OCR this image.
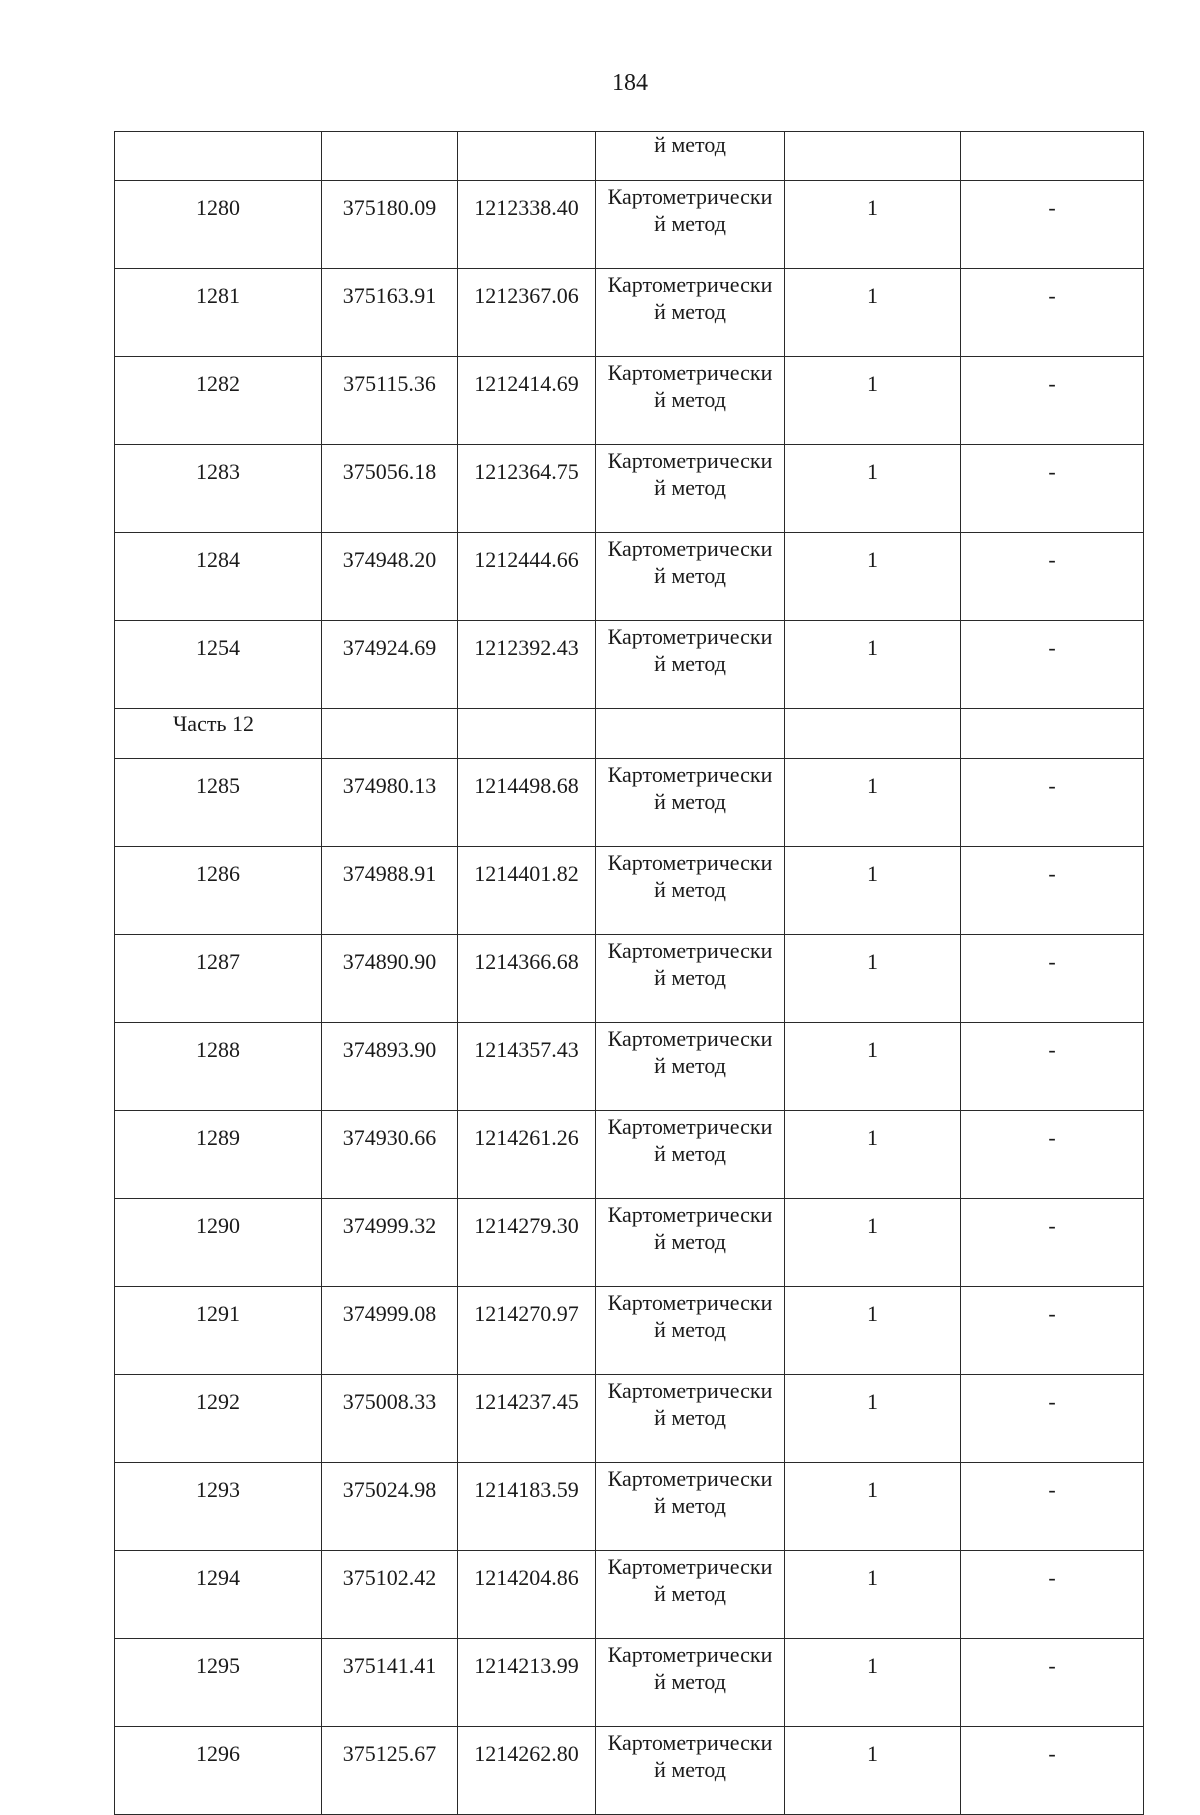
184
			й метод		
1280	375180.09	1212338.40	Картометрически
й метод	1	-
1281	375163.91	1212367.06	Картометрически
й метод	1	-
1282	375115.36	1212414.69	Картометрически
й метод	1	-
1283	375056.18	1212364.75	Картометрически
й метод	1	-
1284	374948.20	1212444.66	Картометрически
й метод	1	-
1254	374924.69	1212392.43	Картометрически
й метод	1	-
Часть 12					
1285	374980.13	1214498.68	Картометрически
й метод	1	-
1286	374988.91	1214401.82	Картометрически
й метод	1	-
1287	374890.90	1214366.68	Картометрически
й метод	1	-
1288	374893.90	1214357.43	Картометрически
й метод	1	-
1289	374930.66	1214261.26	Картометрически
й метод	1	-
1290	374999.32	1214279.30	Картометрически
й метод	1	-
1291	374999.08	1214270.97	Картометрически
й метод	1	-
1292	375008.33	1214237.45	Картометрически
й метод	1	-
1293	375024.98	1214183.59	Картометрически
й метод	1	-
1294	375102.42	1214204.86	Картометрически
й метод	1	-
1295	375141.41	1214213.99	Картометрически
й метод	1	-
1296	375125.67	1214262.80	Картометрически
й метод	1	-
